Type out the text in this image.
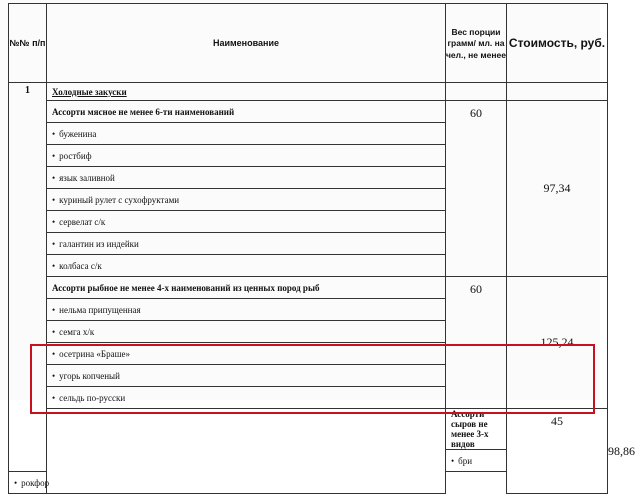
№№ п/п	Наименование	Вес порции грамм/ мл. на чел., не менее	Стоимость, руб.	
1	Холодные закуски			
	Ассорти мясное не менее 6-ти наименований	60	97,34	
	• буженина			
	• ростбиф			
	• язык заливной			
	• куриный рулет с сухофруктами			
	• сервелат с/к			
	• галантин из индейки			
	• колбаса с/к			
	Ассорти рыбное не менее 4-х наименований из ценных пород рыб	60	125,24	
	• нельма припущенная			
	• семга х/к			
	• осетрина «Браше»			
	• угорь копченый			
	• сельдь по-русски			
		Ассорти сыров не менее 3-х видов	45	98,86
		• бри		
• рокфор				
